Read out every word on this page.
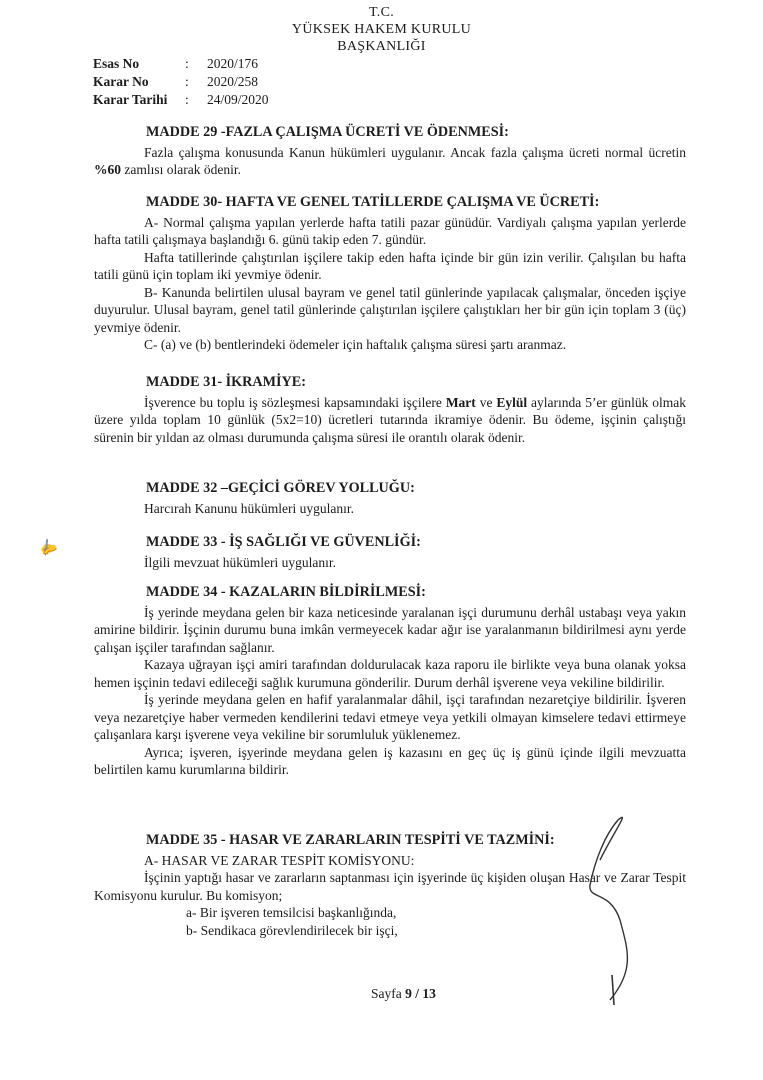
T.C.
YÜKSEK HAKEM KURULU
BAŞKANLIĞI
Esas No	:	2020/176
Karar No	:	2020/258
Karar Tarihi	:	24/09/2020
MADDE 29 -FAZLA ÇALIŞMA ÜCRETİ VE ÖDENMESİ:
Fazla çalışma konusunda Kanun hükümleri uygulanır. Ancak fazla çalışma ücreti normal ücretin %60 zamlısı olarak ödenir.
MADDE 30- HAFTA VE GENEL TATİLLERDE ÇALIŞMA VE ÜCRETİ:
A- Normal çalışma yapılan yerlerde hafta tatili pazar günüdür. Vardiyalı çalışma yapılan yerlerde hafta tatili çalışmaya başlandığı 6. günü takip eden 7. gündür.
Hafta tatillerinde çalıştırılan işçilere takip eden hafta içinde bir gün izin verilir. Çalışılan bu hafta tatili günü için toplam iki yevmiye ödenir.
B- Kanunda belirtilen ulusal bayram ve genel tatil günlerinde yapılacak çalışmalar, önceden işçiye duyurulur. Ulusal bayram, genel tatil günlerinde çalıştırılan işçilere çalıştıkları her bir gün için toplam 3 (üç) yevmiye ödenir.
C- (a) ve (b) bentlerindeki ödemeler için haftalık çalışma süresi şartı aranmaz.
MADDE 31- İKRAMİYE:
İşverence bu toplu iş sözleşmesi kapsamındaki işçilere Mart ve Eylül aylarında 5’er günlük olmak üzere yılda toplam 10 günlük (5x2=10) ücretleri tutarında ikramiye ödenir. Bu ödeme, işçinin çalıştığı sürenin bir yıldan az olması durumunda çalışma süresi ile orantılı olarak ödenir.
MADDE 32 –GEÇİCİ GÖREV YOLLUĞU:
Harcırah Kanunu hükümleri uygulanır.
MADDE 33 - İŞ SAĞLIĞI VE GÜVENLİĞİ:
İlgili mevzuat hükümleri uygulanır.
MADDE 34 - KAZALARIN BİLDİRİLMESİ:
İş yerinde meydana gelen bir kaza neticesinde yaralanan işçi durumunu derhâl ustabaşı veya yakın amirine bildirir. İşçinin durumu buna imkân vermeyecek kadar ağır ise yaralanmanın bildirilmesi aynı yerde çalışan işçiler tarafından sağlanır.
Kazaya uğrayan işçi amiri tarafından doldurulacak kaza raporu ile birlikte veya buna olanak yoksa hemen işçinin tedavi edileceği sağlık kurumuna gönderilir. Durum derhâl işverene veya vekiline bildirilir.
İş yerinde meydana gelen en hafif yaralanmalar dâhil, işçi tarafından nezaretçiye bildirilir. İşveren veya nezaretçiye haber vermeden kendilerini tedavi etmeye veya yetkili olmayan kimselere tedavi ettirmeye çalışanlara karşı işverene veya vekiline bir sorumluluk yüklenemez.
Ayrıca; işveren, işyerinde meydana gelen iş kazasını en geç üç iş günü içinde ilgili mevzuatta belirtilen kamu kurumlarına bildirir.
MADDE 35 - HASAR VE ZARARLARIN TESPİTİ VE TAZMİNİ:
A- HASAR VE ZARAR TESPİT KOMİSYONU:
İşçinin yaptığı hasar ve zararların saptanması için işyerinde üç kişiden oluşan Hasar ve Zarar Tespit Komisyonu kurulur. Bu komisyon;
a- Bir işveren temsilcisi başkanlığında,
b- Sendikaca görevlendirilecek bir işçi,
✍
Sayfa 9 / 13
